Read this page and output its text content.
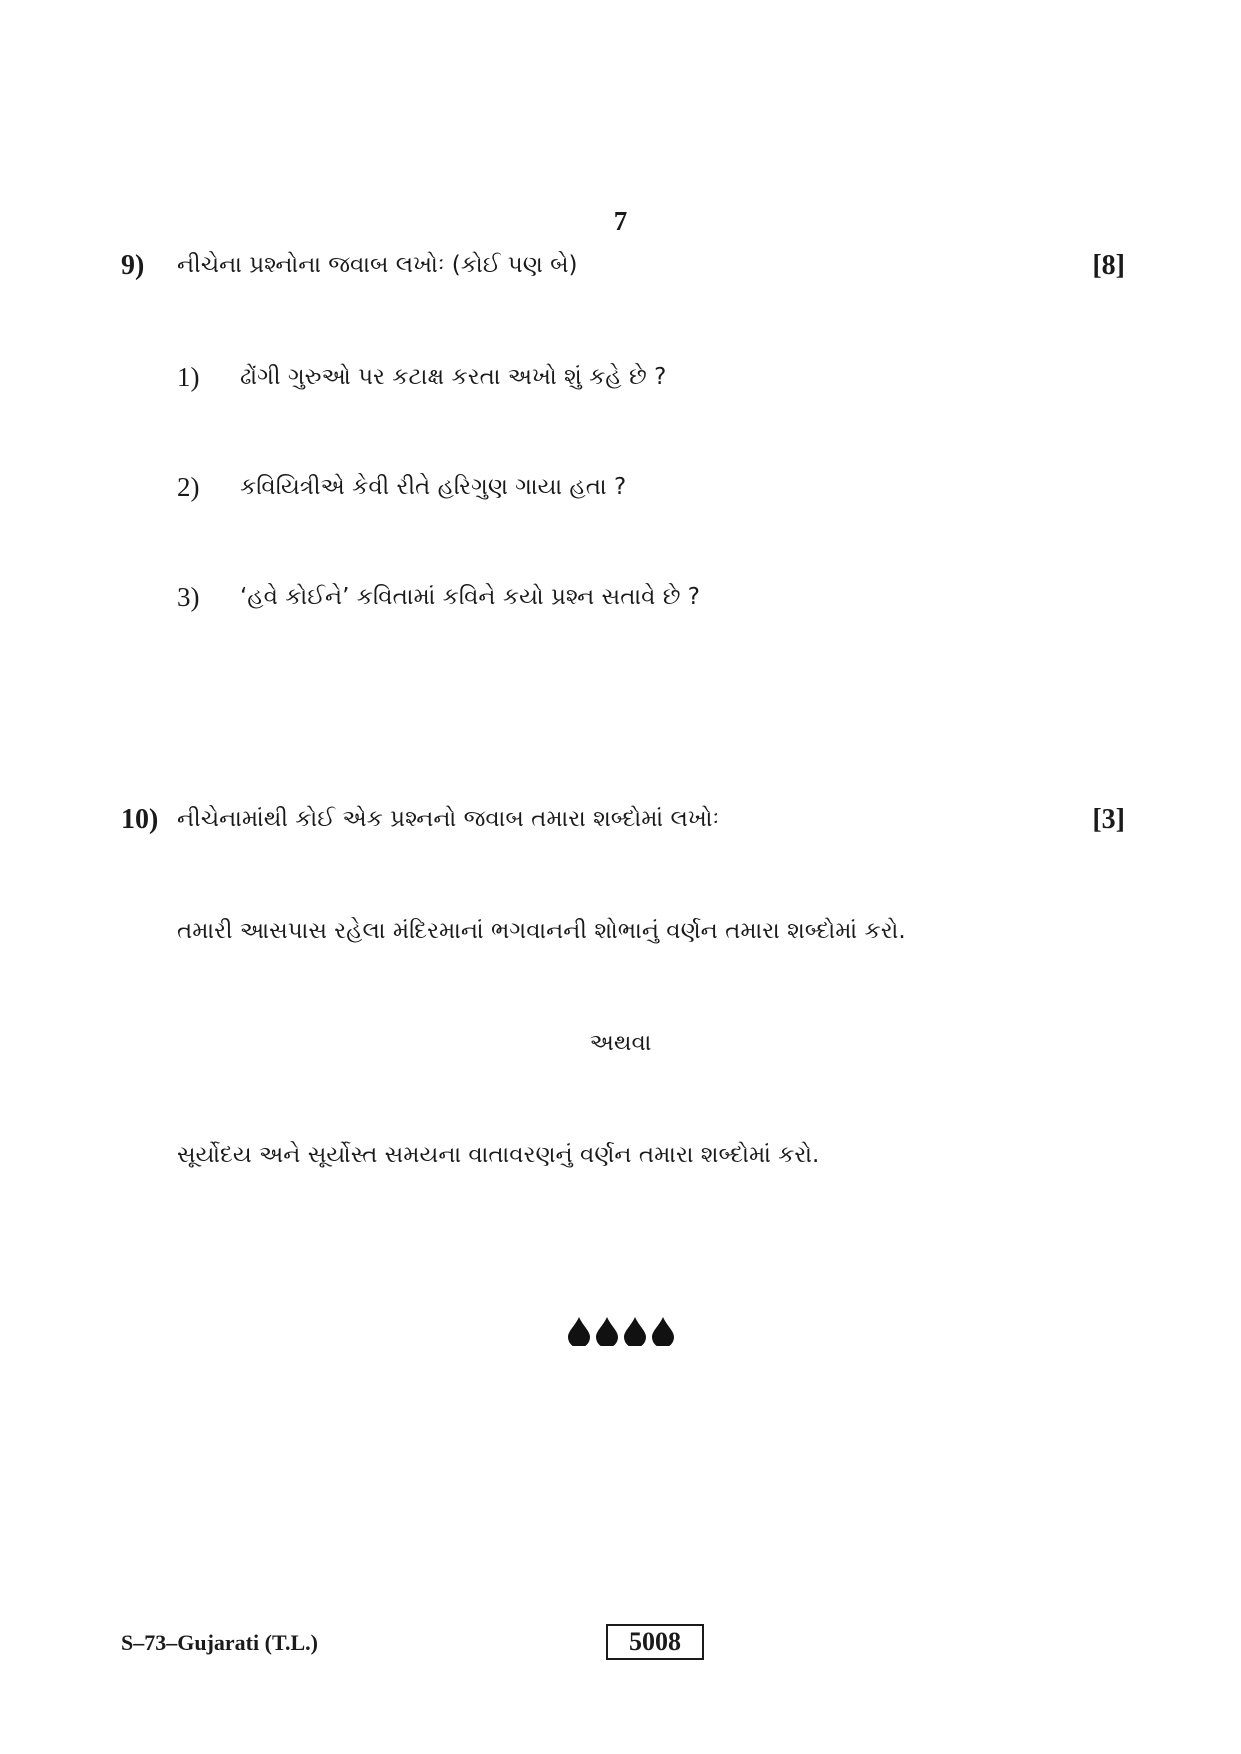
7
9) નીચેના પ્રશ્નોના જવાબ લખોઃ (કોઈ પણ બે)	[8]
1) ઢોંગી ગુરુઓ પર કટાક્ષ કરતા અખો શું કહે છે ?
2) કવિયિત્રીએ કેવી રીતે હરિગુણ ગાયા હતા ?
3) ‘હવે કોઈને’ કવિતામાં કવિને કયો પ્રશ્ન સતાવે છે ?
10) નીચેનામાંથી કોઈ એક પ્રશ્નનો જવાબ તમારા શબ્દોમાં લખોઃ	[3]
તમારી આસપાસ રહેલા મંદિરમાનાં ભગવાનની શોભાનું વર્ણન તમારા શબ્દોમાં કરો.
અથવા
સૂર્યોદય અને સૂર્યોસ્ત સમયના વાતાવરણનું વર્ણન તમારા શબ્દોમાં કરો.

S–73–Gujarati (T.L.)	5008
